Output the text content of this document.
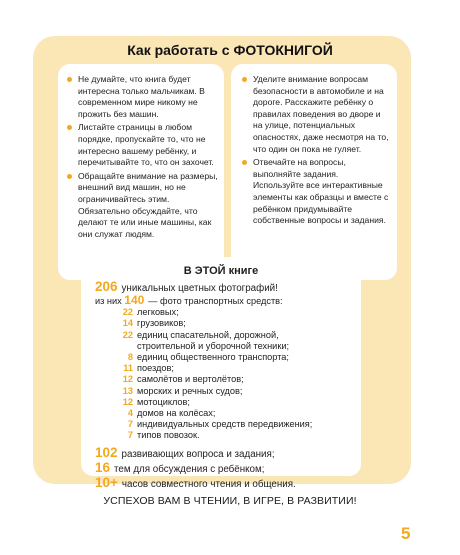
Как работать с ФОТОКНИГОЙ
Не думайте, что книга будет интересна только мальчикам. В современном мире никому не прожить без машин.
Листайте страницы в любом порядке, пропускайте то, что не интересно вашему ребёнку, и перечитывайте то, что он захочет.
Обращайте внимание на размеры, внешний вид машин, но не ограничивайтесь этим. Обязательно обсуждайте, что делают те или иные машины, как они служат людям.
Уделите внимание вопросам безопасности в автомобиле и на дороге. Расскажите ребёнку о правилах поведения во дворе и на улице, потенциальных опасностях, даже несмотря на то, что один он пока не гуляет.
Отвечайте на вопросы, выполняйте задания. Используйте все интерактивные элементы как образцы и вместе с ребёнком придумывайте собственные вопросы и задания.
В ЭТОЙ книге
206 уникальных цветных фотографий!
из них 140 — фото транспортных средств:
22 легковых;
14 грузовиков;
22 единиц спасательной, дорожной,
строительной и уборочной техники;
8 единиц общественного транспорта;
11 поездов;
12 самолётов и вертолётов;
13 морских и речных судов;
12 мотоциклов;
4 домов на колёсах;
7 индивидуальных средств передвижения;
7 типов повозок.
102 развивающих вопроса и задания;
16 тем для обсуждения с ребёнком;
10+ часов совместного чтения и общения.
УСПЕХОВ ВАМ В ЧТЕНИИ, В ИГРЕ, В РАЗВИТИИ!
5
